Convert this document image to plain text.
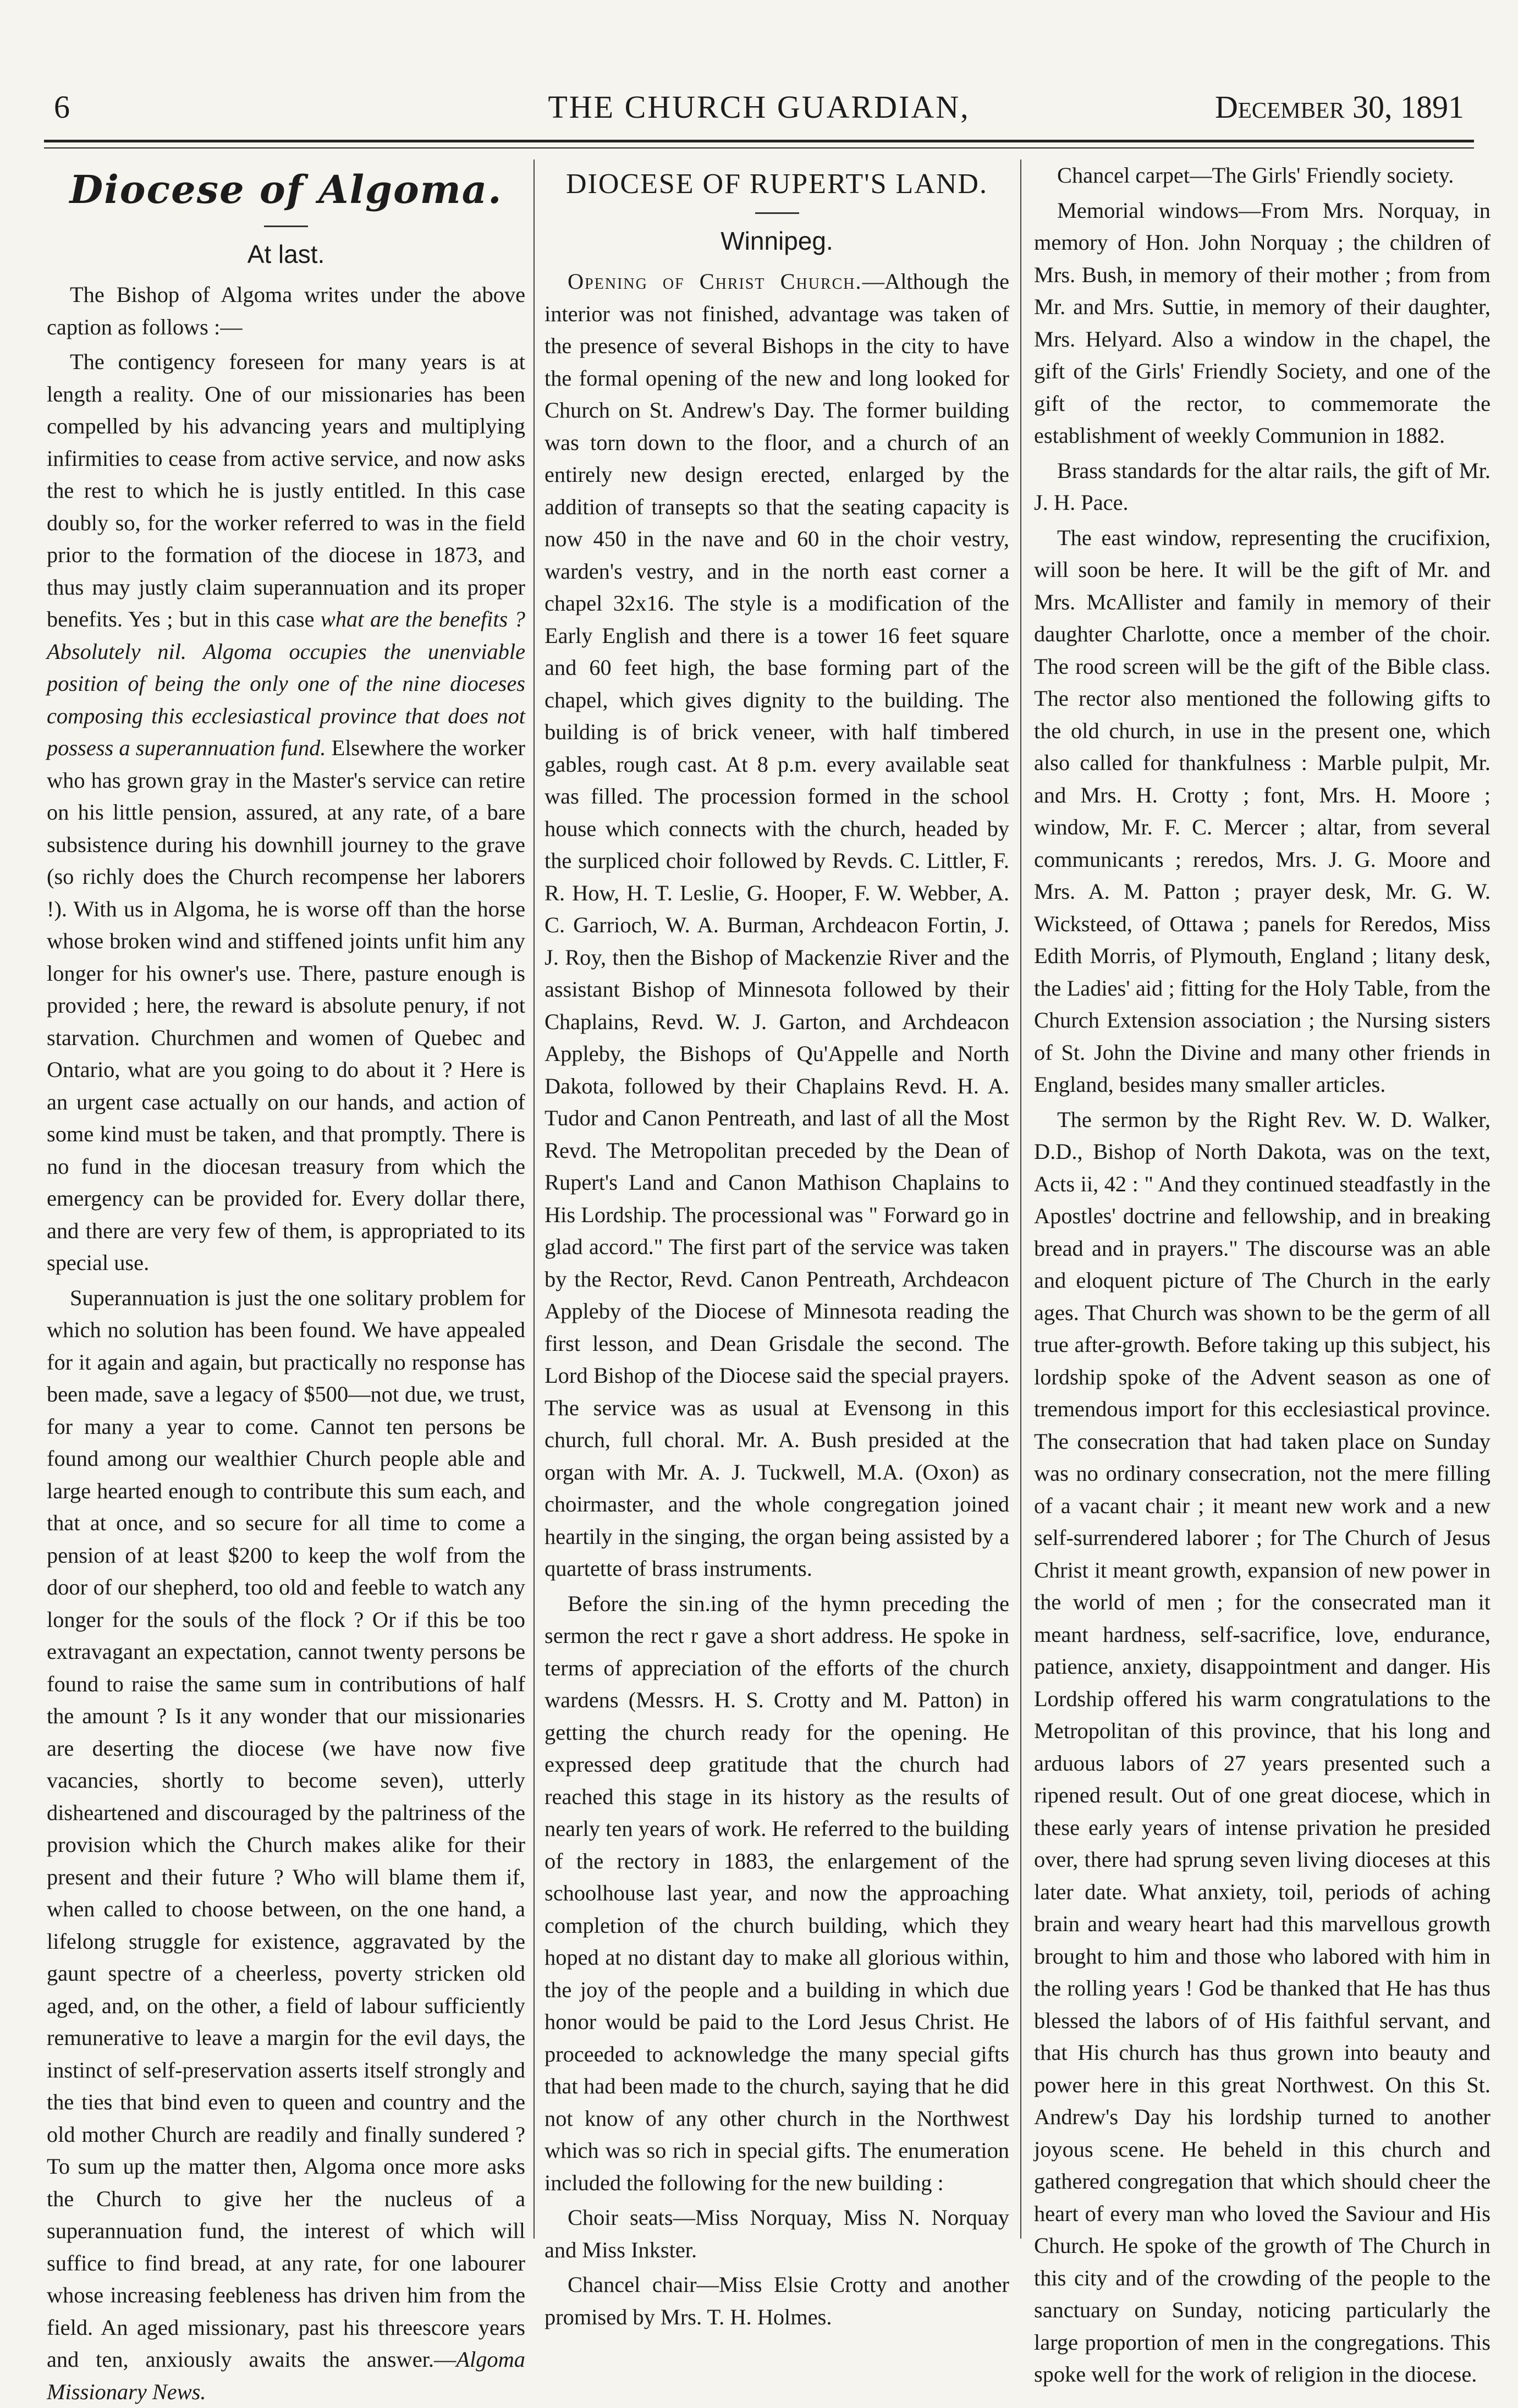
6	THE CHURCH GUARDIAN,	December 30, 1891
Diocese of Algoma.
At last.

The Bishop of Algoma writes under the above caption as follows :—

The contigency foreseen for many years is at length a reality. One of our missionaries has been compelled by his advancing years and multiplying infirmities to cease from active service, and now asks the rest to which he is justly entitled. In this case doubly so, for the worker referred to was in the field prior to the formation of the diocese in 1873, and thus may justly claim superannuation and its proper benefits. Yes ; but in this case what are the benefits ? Absolutely nil. Algoma occupies the unenviable position of being the only one of the nine dioceses composing this ecclesiastical province that does not possess a superannuation fund. Elsewhere the worker who has grown gray in the Master's service can retire on his little pension, assured, at any rate, of a bare subsistence during his downhill journey to the grave (so richly does the Church recompense her laborers !). With us in Algoma, he is worse off than the horse whose broken wind and stiffened joints unfit him any longer for his owner's use. There, pasture enough is provided ; here, the reward is absolute penury, if not starvation. Churchmen and women of Quebec and Ontario, what are you going to do about it ? Here is an urgent case actually on our hands, and action of some kind must be taken, and that promptly. There is no fund in the diocesan treasury from which the emergency can be provided for. Every dollar there, and there are very few of them, is appropriated to its special use.

Superannuation is just the one solitary problem for which no solution has been found. We have appealed for it again and again, but practically no response has been made, save a legacy of $500—not due, we trust, for many a year to come. Cannot ten persons be found among our wealthier Church people able and large hearted enough to contribute this sum each, and that at once, and so secure for all time to come a pension of at least $200 to keep the wolf from the door of our shepherd, too old and feeble to watch any longer for the souls of the flock ? Or if this be too extravagant an expectation, cannot twenty persons be found to raise the same sum in contributions of half the amount ? Is it any wonder that our missionaries are deserting the diocese (we have now five vacancies, shortly to become seven), utterly disheartened and discouraged by the paltriness of the provision which the Church makes alike for their present and their future ? Who will blame them if, when called to choose between, on the one hand, a lifelong struggle for existence, aggravated by the gaunt spectre of a cheerless, poverty stricken old aged, and, on the other, a field of labour sufficiently remunerative to leave a margin for the evil days, the instinct of self-preservation asserts itself strongly and the ties that bind even to queen and country and the old mother Church are readily and finally sundered ? To sum up the matter then, Algoma once more asks the Church to give her the nucleus of a superannuation fund, the interest of which will suffice to find bread, at any rate, for one labourer whose increasing feebleness has driven him from the field. An aged missionary, past his threescore years and ten, anxiously awaits the answer.—Algoma Missionary News.

DIOCESE OF RUPERT'S LAND.
Winnipeg.

Opening of Christ Church.—Although the interior was not finished, advantage was taken of the presence of several Bishops in the city to have the formal opening of the new and long looked for Church on St. Andrew's Day. The former building was torn down to the floor, and a church of an entirely new design erected, enlarged by the addition of transepts so that the seating capacity is now 450 in the nave and 60 in the choir vestry, warden's vestry, and in the north east corner a chapel 32x16. The style is a modification of the Early English and there is a tower 16 feet square and 60 feet high, the base forming part of the chapel, which gives dignity to the building. The building is of brick veneer, with half timbered gables, rough cast. At 8 p.m. every available seat was filled. The procession formed in the school house which connects with the church, headed by the surpliced choir followed by Revds. C. Littler, F. R. How, H. T. Leslie, G. Hooper, F. W. Webber, A. C. Garrioch, W. A. Burman, Archdeacon Fortin, J. J. Roy, then the Bishop of Mackenzie River and the assistant Bishop of Minnesota followed by their Chaplains, Revd. W. J. Garton, and Archdeacon Appleby, the Bishops of Qu'Appelle and North Dakota, followed by their Chaplains Revd. H. A. Tudor and Canon Pentreath, and last of all the Most Revd. The Metropolitan preceded by the Dean of Rupert's Land and Canon Mathison Chaplains to His Lordship. The processional was " Forward go in glad accord." The first part of the service was taken by the Rector, Revd. Canon Pentreath, Archdeacon Appleby of the Diocese of Minnesota reading the first lesson, and Dean Grisdale the second. The Lord Bishop of the Diocese said the special prayers. The service was as usual at Evensong in this church, full choral. Mr. A. Bush presided at the organ with Mr. A. J. Tuckwell, M.A. (Oxon) as choirmaster, and the whole congregation joined heartily in the singing, the organ being assisted by a quartette of brass instruments.

Before the sin.ing of the hymn preceding the sermon the rect r gave a short address. He spoke in terms of appreciation of the efforts of the church wardens (Messrs. H. S. Crotty and M. Patton) in getting the church ready for the opening. He expressed deep gratitude that the church had reached this stage in its history as the results of nearly ten years of work. He referred to the building of the rectory in 1883, the enlargement of the schoolhouse last year, and now the approaching completion of the church building, which they hoped at no distant day to make all glorious within, the joy of the people and a building in which due honor would be paid to the Lord Jesus Christ. He proceeded to acknowledge the many special gifts that had been made to the church, saying that he did not know of any other church in the Northwest which was so rich in special gifts. The enumeration included the following for the new building :

Choir seats—Miss Norquay, Miss N. Norquay and Miss Inkster.

Chancel chair—Miss Elsie Crotty and another promised by Mrs. T. H. Holmes.

Chancel carpet—The Girls' Friendly society.

Memorial windows—From Mrs. Norquay, in memory of Hon. John Norquay ; the children of Mrs. Bush, in memory of their mother ; from from Mr. and Mrs. Suttie, in memory of their daughter, Mrs. Helyard. Also a window in the chapel, the gift of the Girls' Friendly Society, and one of the gift of the rector, to commemorate the establishment of weekly Communion in 1882.

Brass standards for the altar rails, the gift of Mr. J. H. Pace.

The east window, representing the crucifixion, will soon be here. It will be the gift of Mr. and Mrs. McAllister and family in memory of their daughter Charlotte, once a member of the choir. The rood screen will be the gift of the Bible class. The rector also mentioned the following gifts to the old church, in use in the present one, which also called for thankfulness : Marble pulpit, Mr. and Mrs. H. Crotty ; font, Mrs. H. Moore ; window, Mr. F. C. Mercer ; altar, from several communicants ; reredos, Mrs. J. G. Moore and Mrs. A. M. Patton ; prayer desk, Mr. G. W. Wicksteed, of Ottawa ; panels for Reredos, Miss Edith Morris, of Plymouth, England ; litany desk, the Ladies' aid ; fitting for the Holy Table, from the Church Extension association ; the Nursing sisters of St. John the Divine and many other friends in England, besides many smaller articles.

The sermon by the Right Rev. W. D. Walker, D.D., Bishop of North Dakota, was on the text, Acts ii, 42 : " And they continued steadfastly in the Apostles' doctrine and fellowship, and in breaking bread and in prayers." The discourse was an able and eloquent picture of The Church in the early ages. That Church was shown to be the germ of all true after-growth. Before taking up this subject, his lordship spoke of the Advent season as one of tremendous import for this ecclesiastical province. The consecration that had taken place on Sunday was no ordinary consecration, not the mere filling of a vacant chair ; it meant new work and a new self-surrendered laborer ; for The Church of Jesus Christ it meant growth, expansion of new power in the world of men ; for the consecrated man it meant hardness, self-sacrifice, love, endurance, patience, anxiety, disappointment and danger. His Lordship offered his warm congratulations to the Metropolitan of this province, that his long and arduous labors of 27 years presented such a ripened result. Out of one great diocese, which in these early years of intense privation he presided over, there had sprung seven living dioceses at this later date. What anxiety, toil, periods of aching brain and weary heart had this marvellous growth brought to him and those who labored with him in the rolling years ! God be thanked that He has thus blessed the labors of of His faithful servant, and that His church has thus grown into beauty and power here in this great Northwest. On this St. Andrew's Day his lordship turned to another joyous scene. He beheld in this church and gathered congregation that which should cheer the heart of every man who loved the Saviour and His Church. He spoke of the growth of The Church in this city and of the crowding of the people to the sanctuary on Sunday, noticing particularly the large proportion of men in the congregations. This spoke well for the work of religion in the diocese.
